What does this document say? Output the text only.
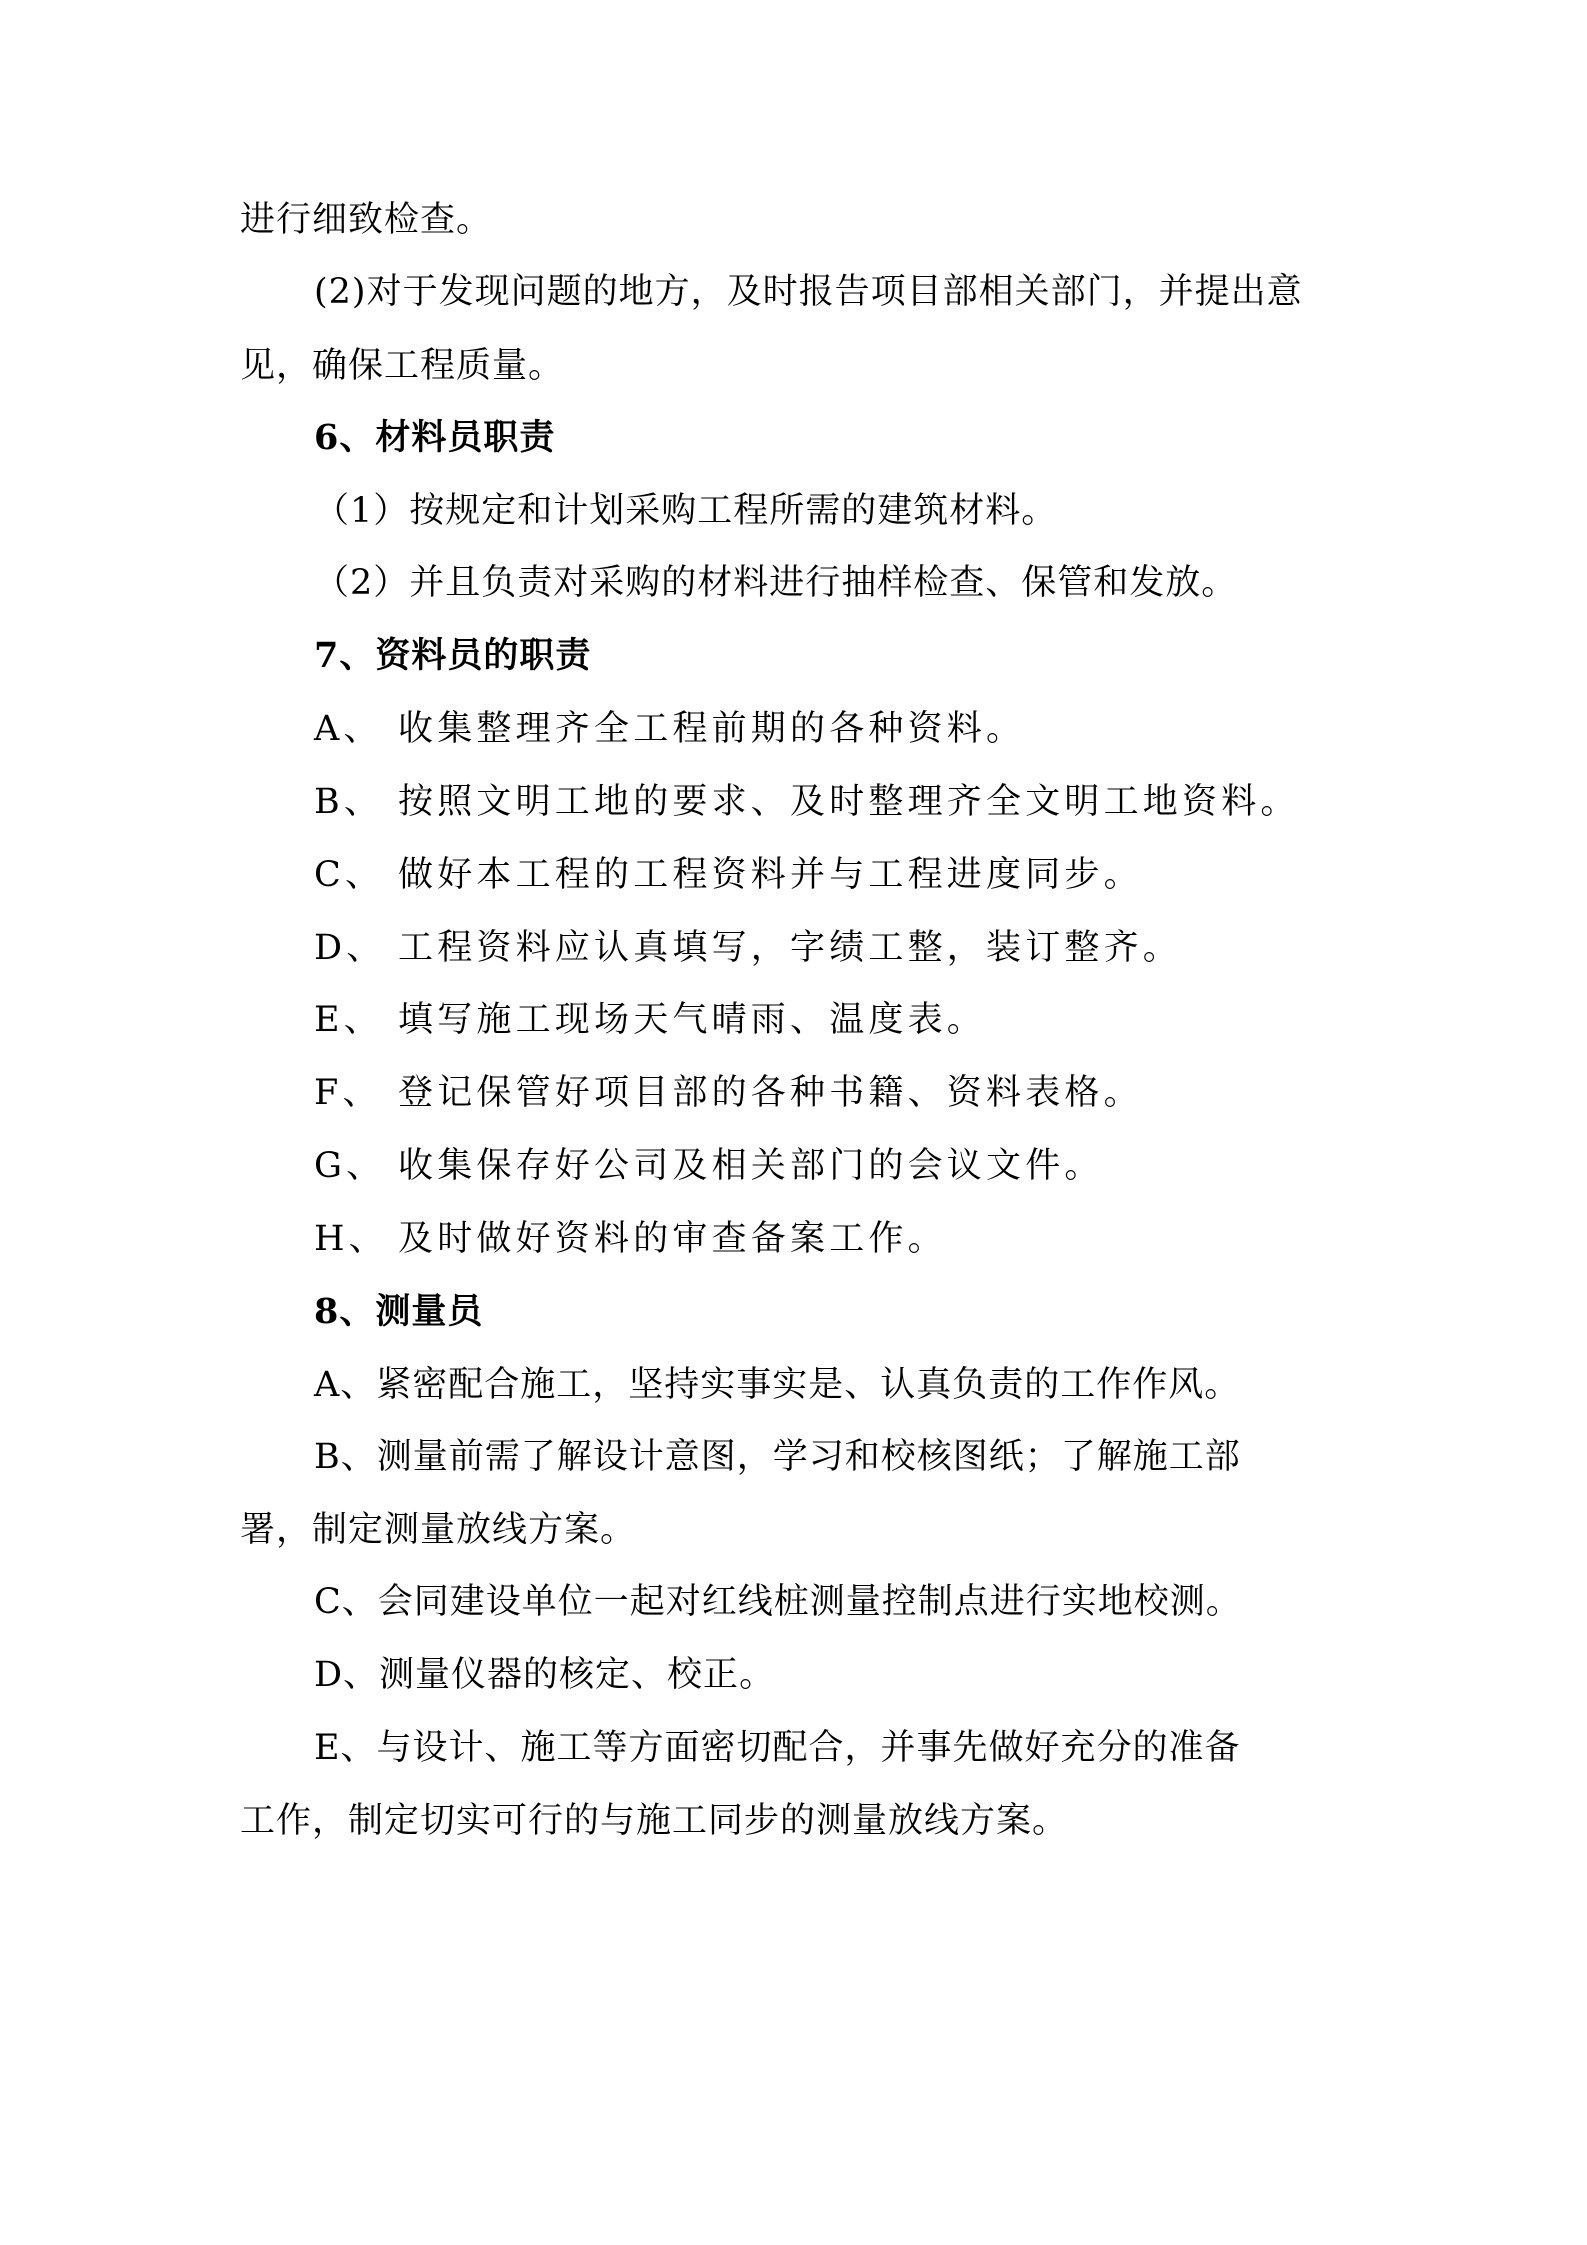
进行细致检查。
(2)对于发现问题的地方，及时报告项目部相关部门，并提出意
见，确保工程质量。
6、材料员职责
（1）按规定和计划采购工程所需的建筑材料。
（2）并且负责对采购的材料进行抽样检查、保管和发放。
7、资料员的职责
A、 收集整理齐全工程前期的各种资料。
B、 按照文明工地的要求、及时整理齐全文明工地资料。
C、 做好本工程的工程资料并与工程进度同步。
D、 工程资料应认真填写，字绩工整，装订整齐。
E、 填写施工现场天气晴雨、温度表。
F、 登记保管好项目部的各种书籍、资料表格。
G、 收集保存好公司及相关部门的会议文件。
H、 及时做好资料的审查备案工作。
8、测量员
A、紧密配合施工，坚持实事实是、认真负责的工作作风。
B、测量前需了解设计意图，学习和校核图纸；了解施工部
署，制定测量放线方案。
C、会同建设单位一起对红线桩测量控制点进行实地校测。
D、测量仪器的核定、校正。
E、与设计、施工等方面密切配合，并事先做好充分的准备
工作，制定切实可行的与施工同步的测量放线方案。
